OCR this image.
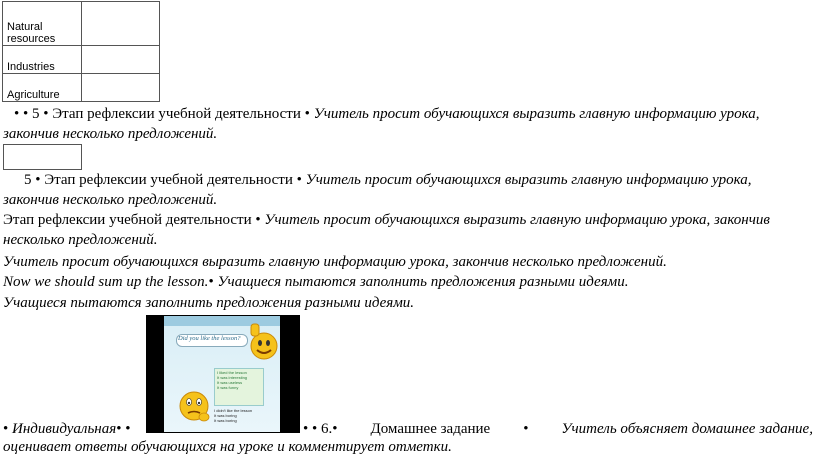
Natural resources	
Industries	
Agriculture	
• • 5 • Этап рефлексии учебной деятельности • Учитель просит обучающихся выразить главную информацию урока,
закончив несколько предложений.
5 • Этап рефлексии учебной деятельности • Учитель просит обучающихся выразить главную информацию урока,
закончив несколько предложений.
Этап рефлексии учебной деятельности • Учитель просит обучающихся выразить главную информацию урока, закончив
несколько предложений.
Учитель просит обучающихся выразить главную информацию урока, закончив несколько предложений.
Now we should sum up the lesson.• Учащиеся пытаются заполнить предложения разными идеями.
Учащиеся пытаются заполнить предложения разными идеями.
Did you like the lesson?
I liked the lesson
It was interesting
It was useless
It was funny
I didn't like the lesson
It was boring
It was boring
• Индивидуальная• •	• • 6.• Домашнее задание • Учитель объясняет домашнее задание,
оценивает ответы обучающихся на уроке и комментирует отметки.
